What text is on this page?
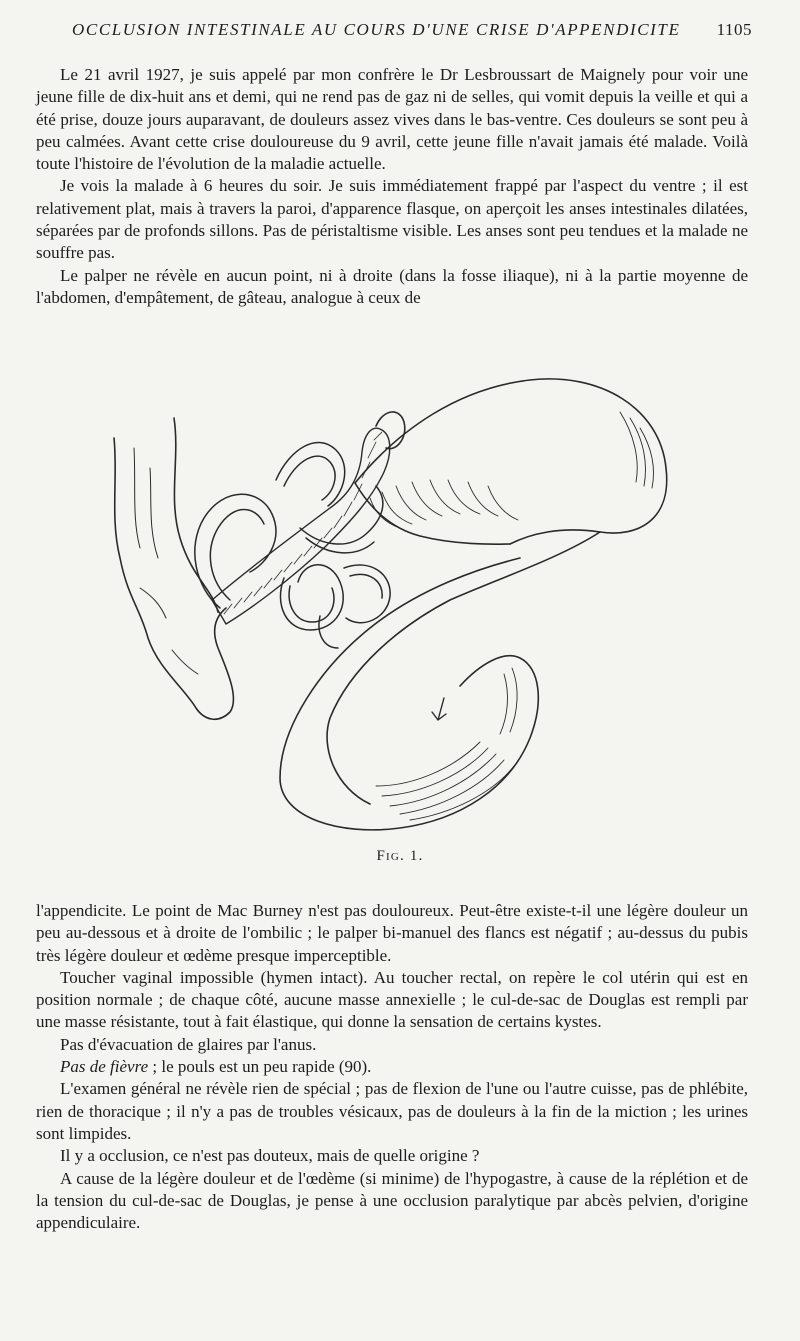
OCCLUSION INTESTINALE AU COURS D'UNE CRISE D'APPENDICITE 1105

Le 21 avril 1927, je suis appelé par mon confrère le Dr Lesbroussart de Maignely pour voir une jeune fille de dix-huit ans et demi, qui ne rend pas de gaz ni de selles, qui vomit depuis la veille et qui a été prise, douze jours auparavant, de douleurs assez vives dans le bas-ventre. Ces douleurs se sont peu à peu calmées. Avant cette crise douloureuse du 9 avril, cette jeune fille n'avait jamais été malade. Voilà toute l'histoire de l'évolution de la maladie actuelle.

Je vois la malade à 6 heures du soir. Je suis immédiatement frappé par l'aspect du ventre ; il est relativement plat, mais à travers la paroi, d'apparence flasque, on aperçoit les anses intestinales dilatées, séparées par de profonds sillons. Pas de péristaltisme visible. Les anses sont peu tendues et la malade ne souffre pas.

Le palper ne révèle en aucun point, ni à droite (dans la fosse iliaque), ni à la partie moyenne de l'abdomen, d'empâtement, de gâteau, analogue à ceux de

Fig. 1.

l'appendicite. Le point de Mac Burney n'est pas douloureux. Peut-être existe-t-il une légère douleur un peu au-dessous et à droite de l'ombilic ; le palper bi-manuel des flancs est négatif ; au-dessus du pubis très légère douleur et œdème presque imperceptible.

Toucher vaginal impossible (hymen intact). Au toucher rectal, on repère le col utérin qui est en position normale ; de chaque côté, aucune masse annexielle ; le cul-de-sac de Douglas est rempli par une masse résistante, tout à fait élastique, qui donne la sensation de certains kystes.

Pas d'évacuation de glaires par l'anus.

Pas de fièvre ; le pouls est un peu rapide (90).

L'examen général ne révèle rien de spécial ; pas de flexion de l'une ou l'autre cuisse, pas de phlébite, rien de thoracique ; il n'y a pas de troubles vésicaux, pas de douleurs à la fin de la miction ; les urines sont limpides.

Il y a occlusion, ce n'est pas douteux, mais de quelle origine ?

A cause de la légère douleur et de l'œdème (si minime) de l'hypogastre, à cause de la réplétion et de la tension du cul-de-sac de Douglas, je pense à une occlusion paralytique par abcès pelvien, d'origine appendiculaire.
